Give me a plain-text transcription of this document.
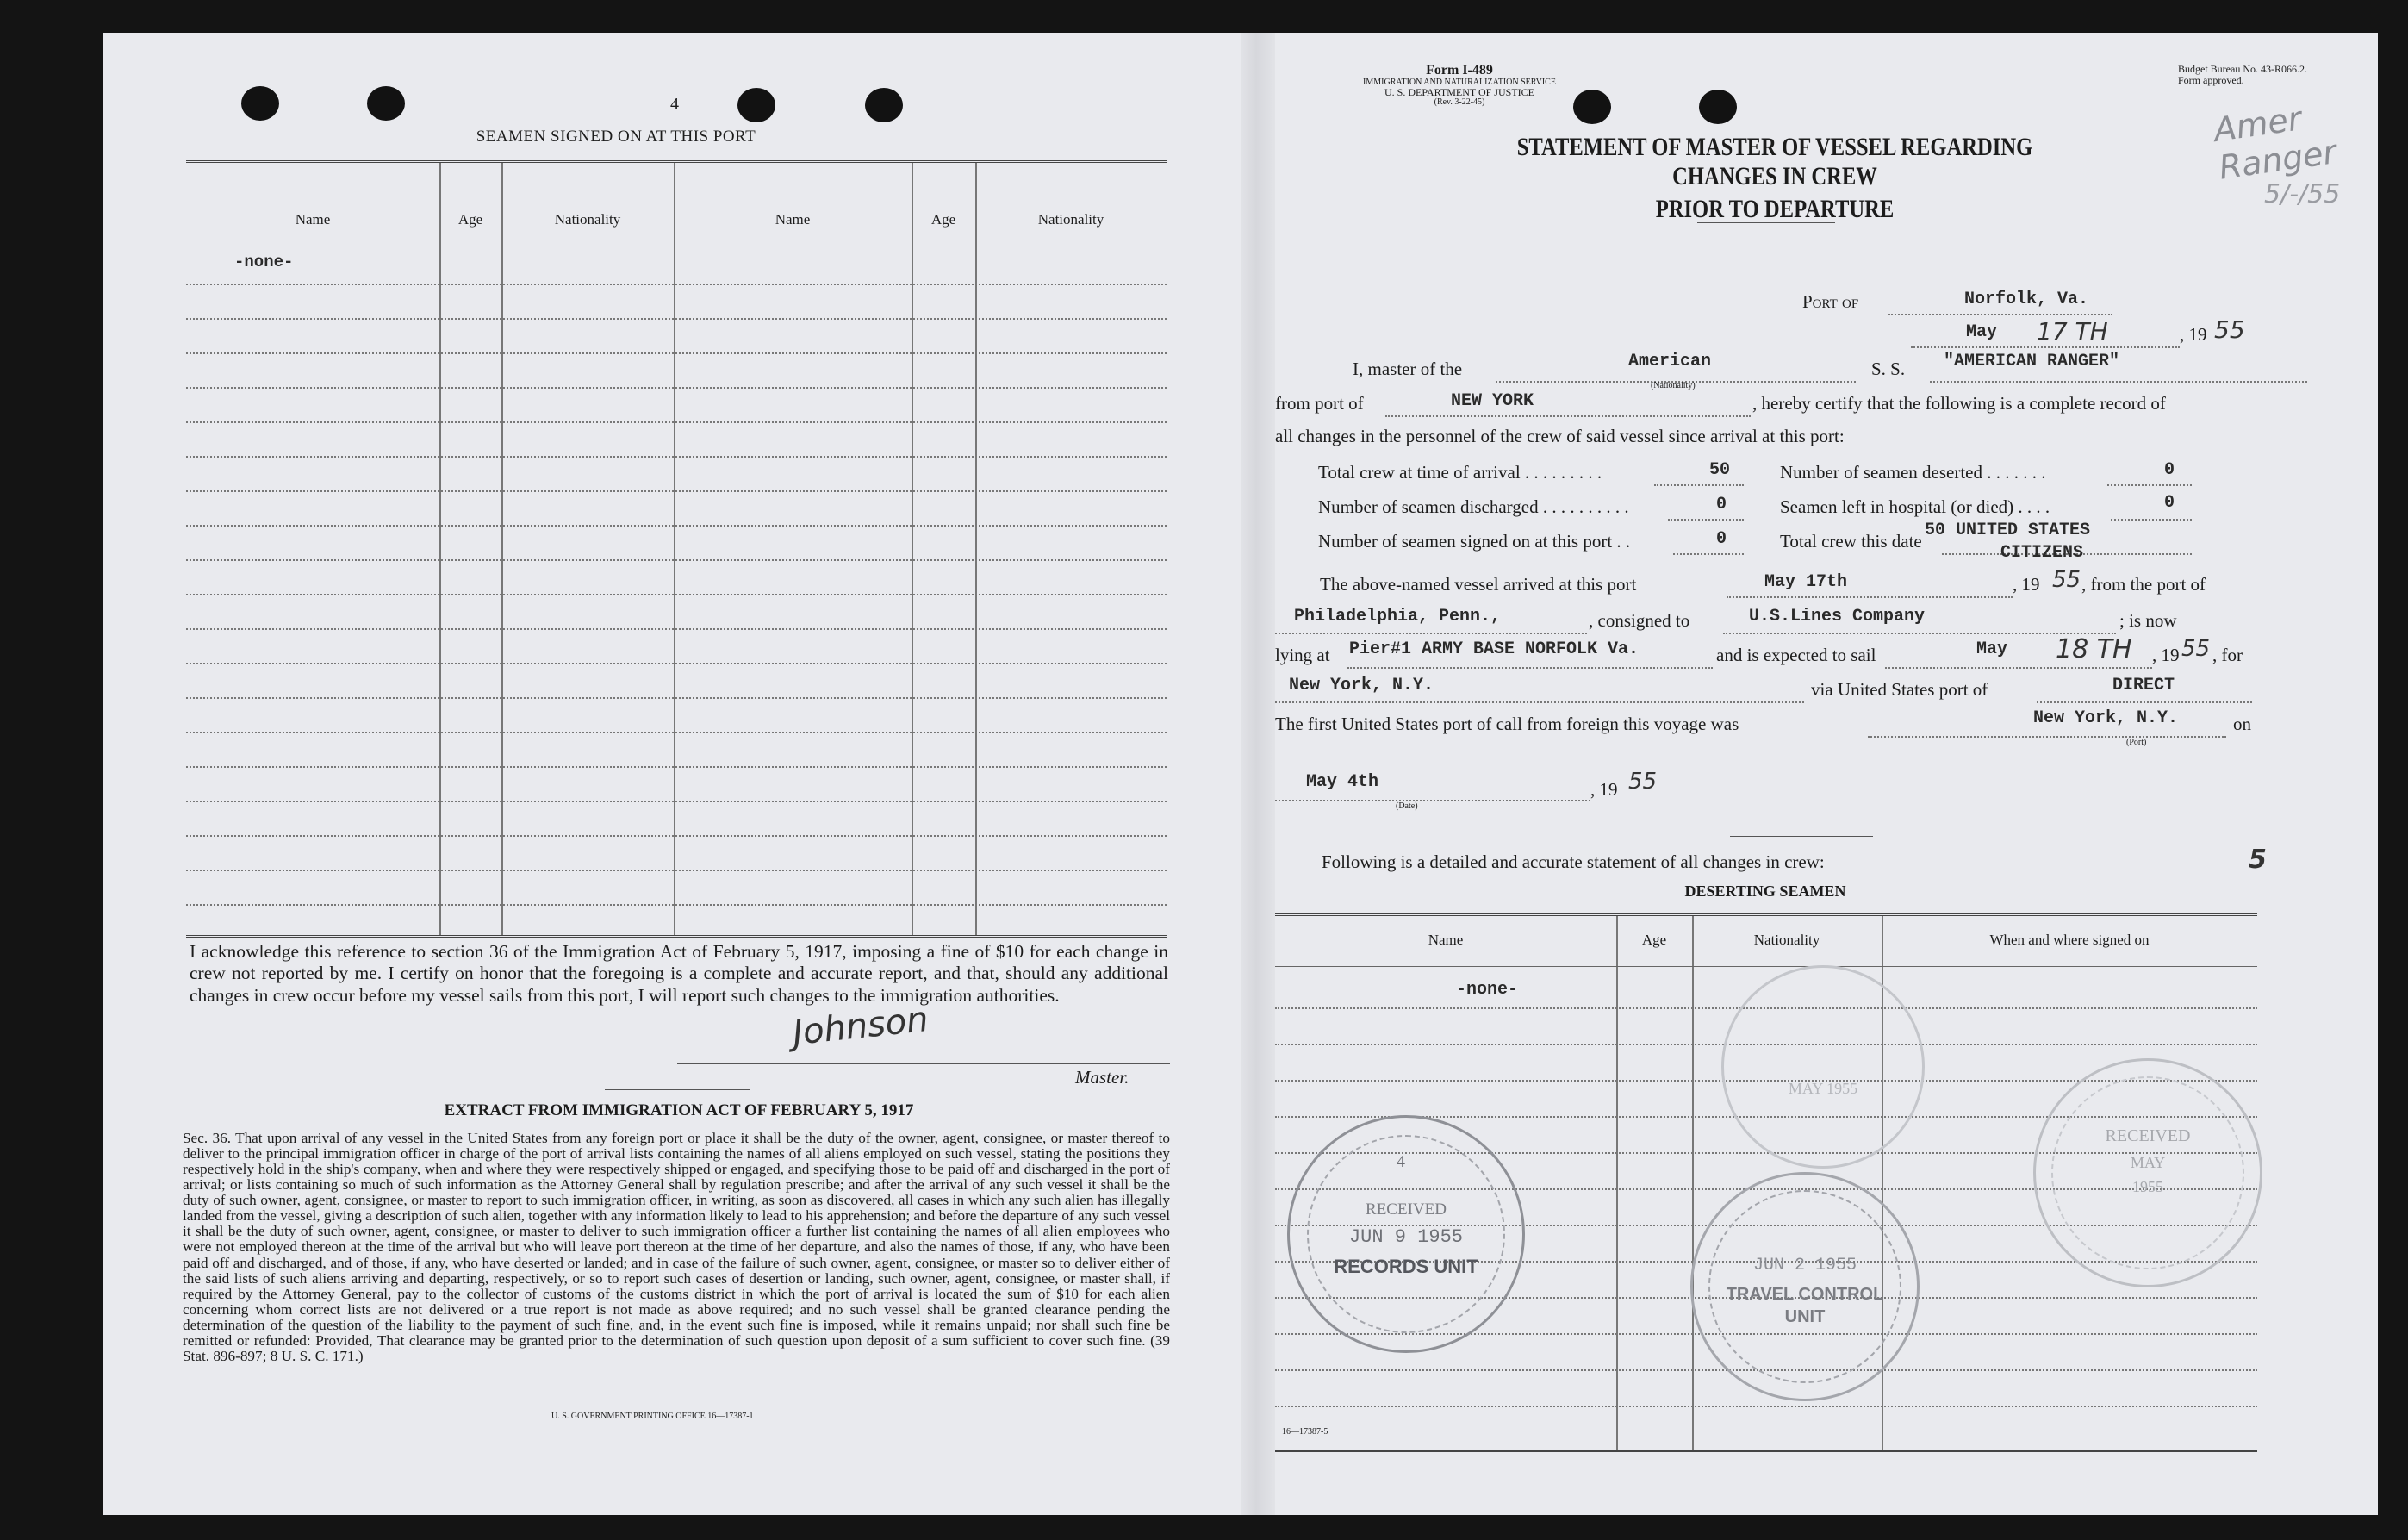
4
SEAMEN SIGNED ON AT THIS PORT
Name	Age	Nationality	Name	Age	Nationality
-none-

I acknowledge this reference to section 36 of the Immigration Act of February 5, 1917, imposing a fine of $10 for each change in crew not reported by me. I certify on honor that the foregoing is a complete and accurate report, and that, should any additional changes in crew occur before my vessel sails from this port, I will report such changes to the immigration authorities.

Johnson
Master.
EXTRACT FROM IMMIGRATION ACT OF FEBRUARY 5, 1917

Sec. 36. That upon arrival of any vessel in the United States from any foreign port or place it shall be the duty of the owner, agent, consignee, or master thereof to deliver to the principal immigration officer in charge of the port of arrival lists containing the names of all aliens employed on such vessel, stating the positions they respectively hold in the ship's company, when and where they were respectively shipped or engaged, and specifying those to be paid off and discharged in the port of arrival; or lists containing so much of such information as the Attorney General shall by regulation prescribe; and after the arrival of any such vessel it shall be the duty of such owner, agent, consignee, or master to report to such immigration officer, in writing, as soon as discovered, all cases in which any such alien has illegally landed from the vessel, giving a description of such alien, together with any information likely to lead to his apprehension; and before the departure of any such vessel it shall be the duty of such owner, agent, consignee, or master to deliver to such immigration officer a further list containing the names of all alien employees who were not employed thereon at the time of the arrival but who will leave port thereon at the time of her departure, and also the names of those, if any, who have been paid off and discharged, and of those, if any, who have deserted or landed; and in case of the failure of such owner, agent, consignee, or master so to deliver either of the said lists of such aliens arriving and departing, respectively, or so to report such cases of desertion or landing, such owner, agent, consignee, or master shall, if required by the Attorney General, pay to the collector of customs of the customs district in which the port of arrival is located the sum of $10 for each alien concerning whom correct lists are not delivered or a true report is not made as above required; and no such vessel shall be granted clearance pending the determination of the question of the liability to the payment of such fine, and, in the event such fine is imposed, while it remains unpaid; nor shall such fine be remitted or refunded: Provided, That clearance may be granted prior to the determination of such question upon deposit of a sum sufficient to cover such fine. (39 Stat. 896-897; 8 U. S. C. 171.)

U. S. GOVERNMENT PRINTING OFFICE 16—17387-1
Form I-489
IMMIGRATION AND NATURALIZATION SERVICE
U. S. DEPARTMENT OF JUSTICE
(Rev. 3-22-45)
Budget Bureau No. 43-R066.2.
Form approved.
Amer Ranger
5/-/55
STATEMENT OF MASTER OF VESSEL REGARDING CHANGES IN CREW
PRIOR TO DEPARTURE
Port of	Norfolk, Va.
May 17 TH	, 19 55
I, master of the	American
(Nationality)
S. S. "AMERICAN RANGER"
from port of	NEW YORK	, hereby certify that the following is a complete record of
all changes in the personnel of the crew of said vessel since arrival at this port:
Total crew at time of arrival . . . . . . . . .	50
Number of seamen discharged . . . . . . . . . .	0
Number of seamen signed on at this port . .	0
Number of seamen deserted . . . . . . .	0
Seamen left in hospital (or died) . . . .	0
Total crew this date
50 UNITED STATES
CITIZENS
The above-named vessel arrived at this port	May 17th	, 19 55 , from the port of
Philadelphia, Penn.,	, consigned to	U.S.Lines Company	; is now
lying at Pier#1 ARMY BASE NORFOLK Va.	and is expected to sail	May 18 TH , 19 55 , for
New York, N.Y.	via United States port of	DIRECT
The first United States port of call from foreign this voyage was	New York, N.Y.
(Port)
on
May 4th
(Date)
, 19 55
Following is a detailed and accurate statement of all changes in crew:	5
DESERTING SEAMEN
Name	Age	Nationality	When and where signed on
-none-
16—17387-5
4
RECEIVED
JUN 9 1955
RECORDS UNIT	JUN 2 1955
TRAVEL CONTROL
UNIT
MAY 1955
RECEIVED
MAY
1955
